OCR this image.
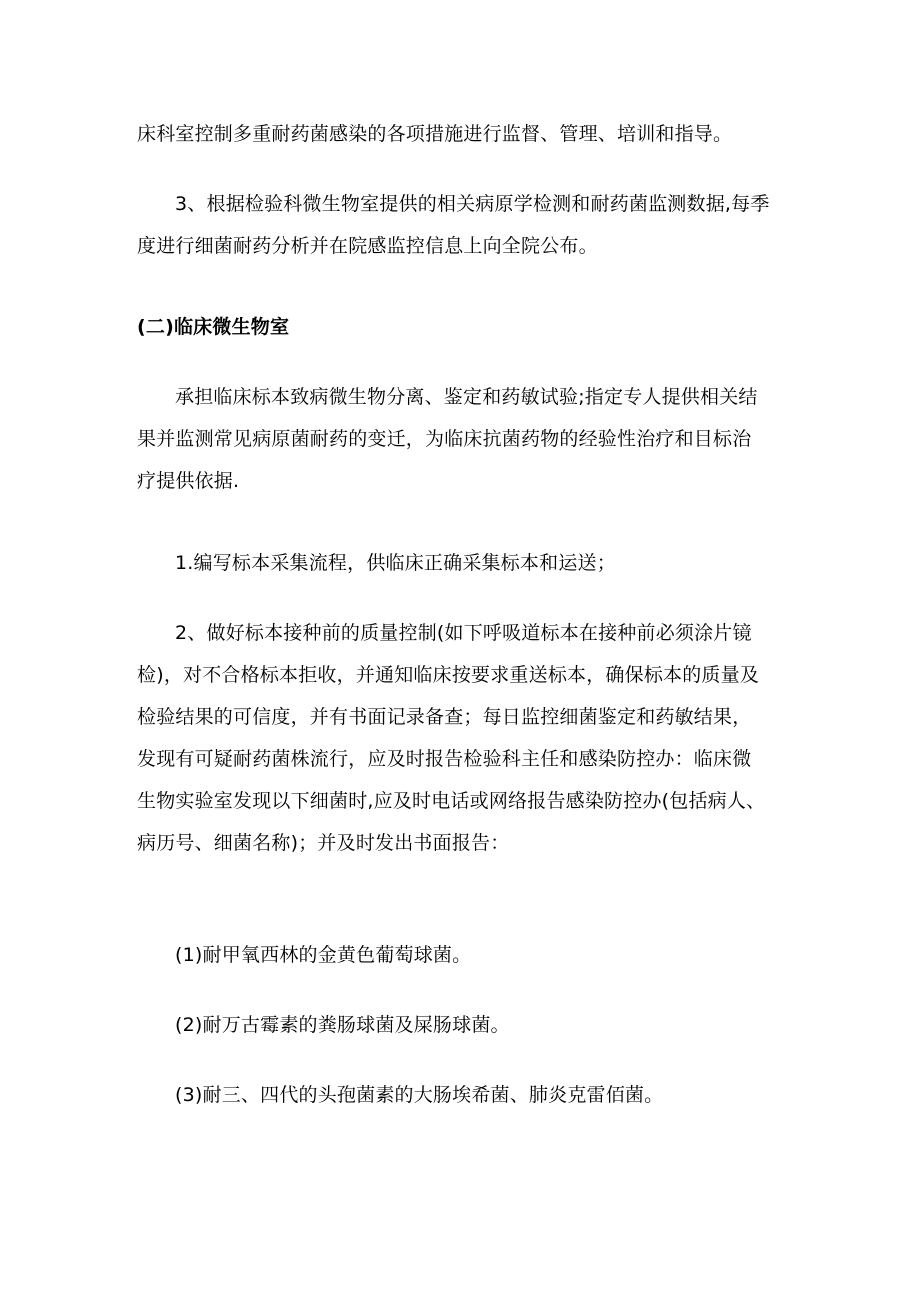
床科室控制多重耐药菌感染的各项措施进行监督、管理、培训和指导。

3、根据检验科微生物室提供的相关病原学检测和耐药菌监测数据,每季
度进行细菌耐药分析并在院感监控信息上向全院公布。

(二)临床微生物室

承担临床标本致病微生物分离、鉴定和药敏试验;指定专人提供相关结
果并监测常见病原菌耐药的变迁，为临床抗菌药物的经验性治疗和目标治
疗提供依据.

1.编写标本采集流程，供临床正确采集标本和运送；

2、做好标本接种前的质量控制(如下呼吸道标本在接种前必须涂片镜
检)，对不合格标本拒收，并通知临床按要求重送标本，确保标本的质量及
检验结果的可信度，并有书面记录备查；每日监控细菌鉴定和药敏结果，
发现有可疑耐药菌株流行，应及时报告检验科主任和感染防控办：临床微
生物实验室发现以下细菌时,应及时电话或网络报告感染防控办(包括病人、
病历号、细菌名称)；并及时发出书面报告：

(1)耐甲氧西林的金黄色葡萄球菌。

(2)耐万古霉素的粪肠球菌及屎肠球菌。

(3)耐三、四代的头孢菌素的大肠埃希菌、肺炎克雷佰菌。
